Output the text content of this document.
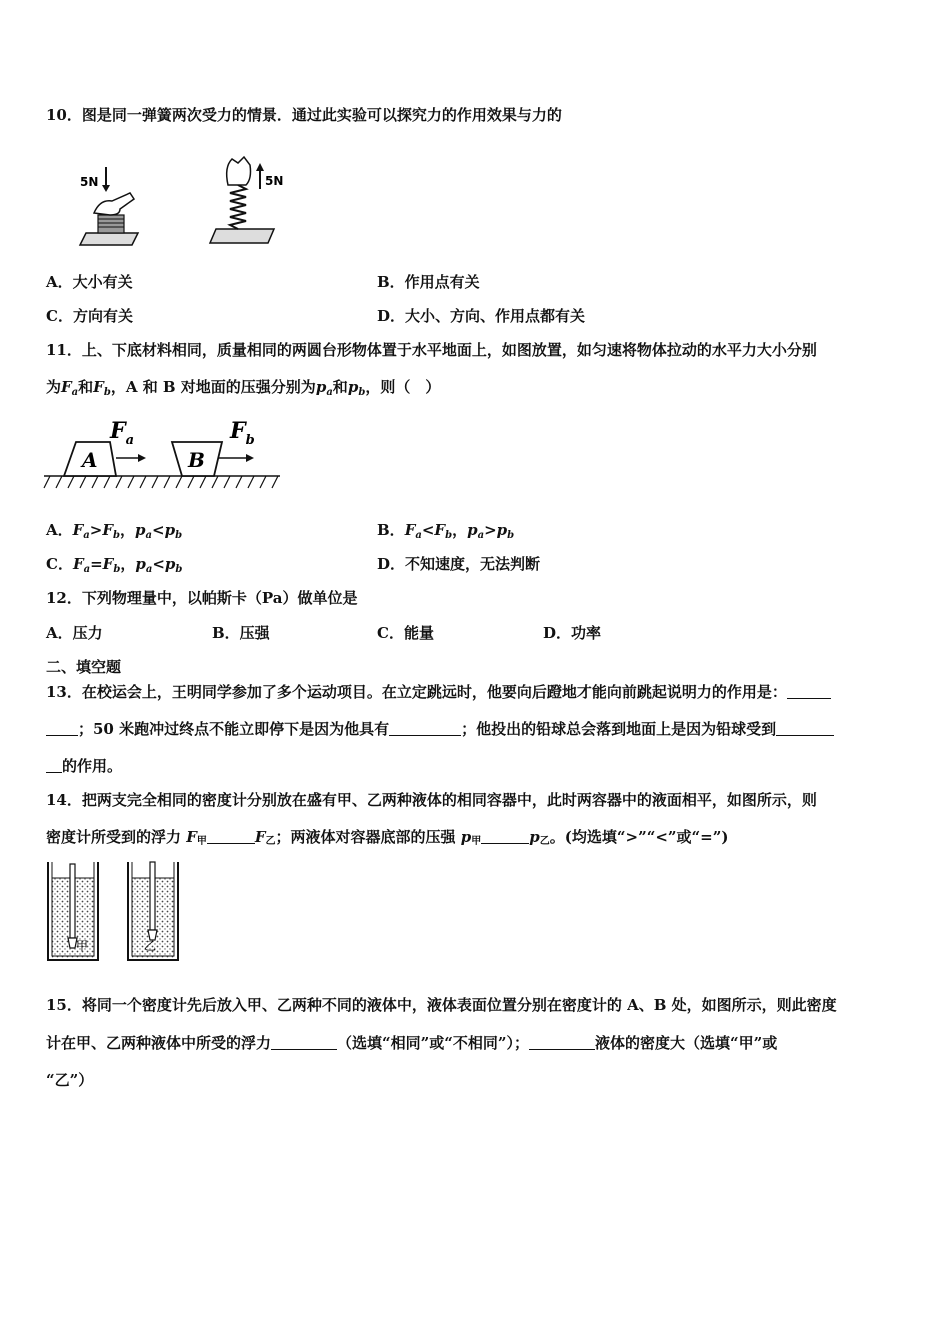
10．图是同一弹簧两次受力的情景．通过此实验可以探究力的作用效果与力的
5N	5N
A．大小有关	B．作用点有关
C．方向有关	D．大小、方向、作用点都有关
11．上、下底材料相同，质量相同的两圆台形物体置于水平地面上，如图放置，如匀速将物体拉动的水平力大小分别
为$F_a$和$F_b$，A 和 B 对地面的压强分别为$p_a$和$p_b$，则（　）
A
$F_a$
B
$F_b$
A．$F_a>F_b$，$p_a<p_b$	B．$F_a<F_b$，$p_a>p_b$
C．$F_a=F_b$，$p_a<p_b$	D．不知速度，无法判断
12．下列物理量中，以帕斯卡（Pa）做单位是
A．压力	B．压强	C．能量	D．功率
二、填空题
13．在校运会上，王明同学参加了多个运动项目。在立定跳远时，他要向后蹬地才能向前跳起说明力的作用是：
；50 米跑冲过终点不能立即停下是因为他具有	；他投出的铅球总会落到地面上是因为铅球受到
的作用。
14．把两支完全相同的密度计分别放在盛有甲、乙两种液体的相同容器中，此时两容器中的液面相平，如图所示，则
密度计所受到的浮力 F甲	F乙；两液体对容器底部的压强 p甲	p乙。(均选填“>”“<”或“=”)
甲	乙
15．将同一个密度计先后放入甲、乙两种不同的液体中，液体表面位置分别在密度计的 A、B 处，如图所示，则此密度
计在甲、乙两种液体中所受的浮力	（选填“相同”或“不相同”）；	液体的密度大（选填“甲”或
“乙”）
